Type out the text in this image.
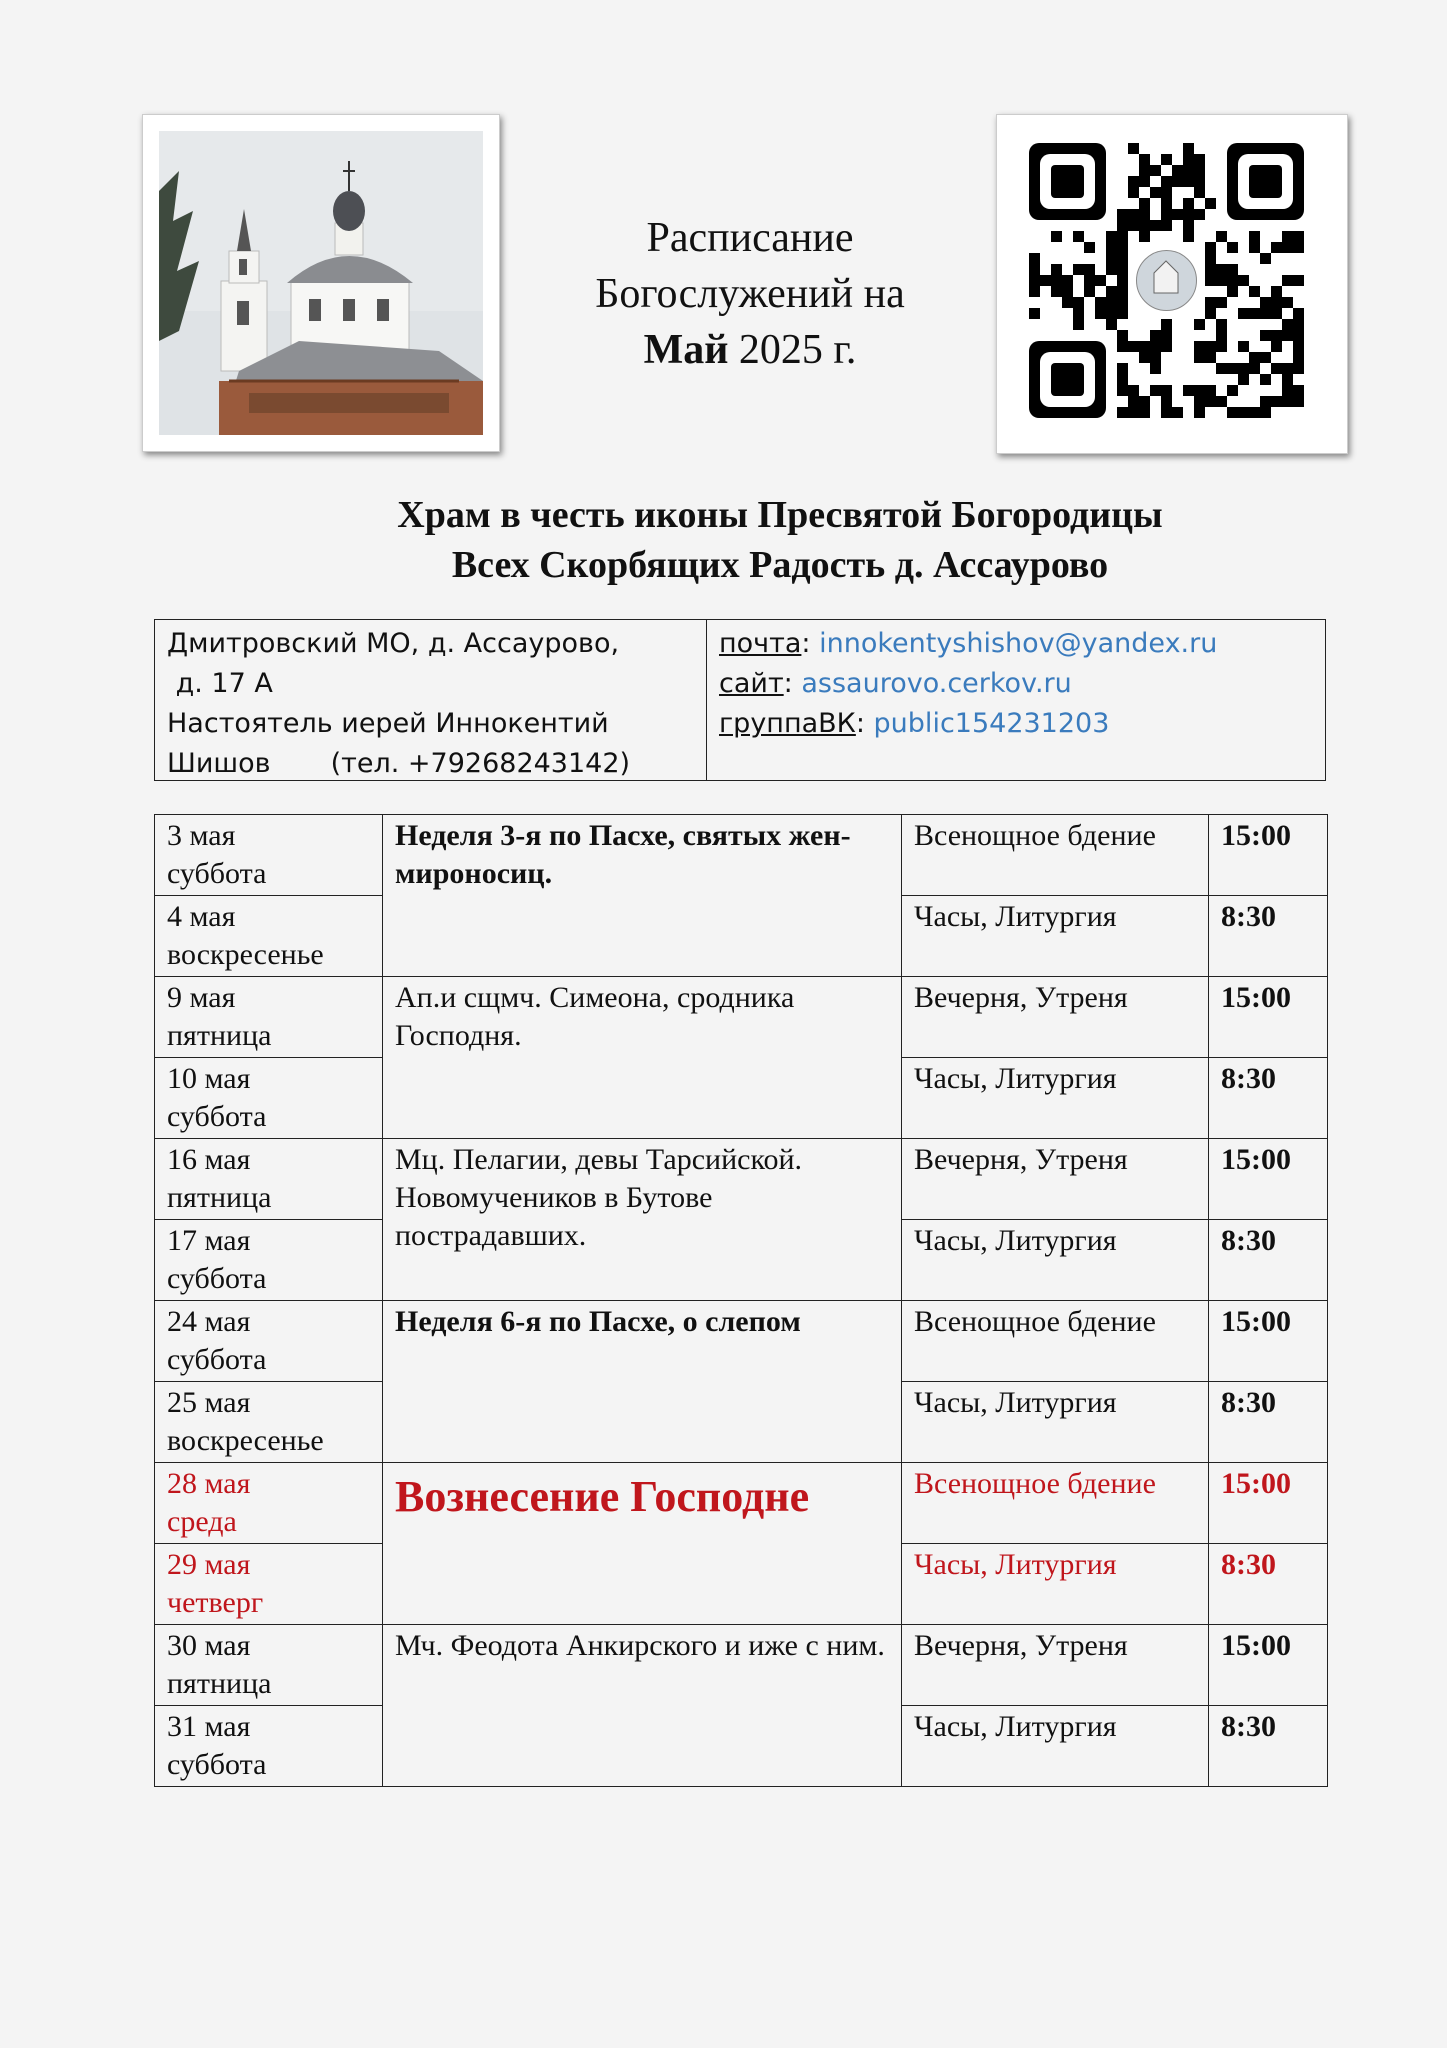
Расписание
Богослужений на
Май 2025 г.
Храм в честь иконы Пресвятой Богородицы
Всех Скорбящих Радость д. Ассаурово
Дмитровский МО, д. Ассаурово,
д. 17 А
Настоятель иерей Иннокентий
Шишов       (тел. +79268243142)
почта: innokentyshishov@yandex.ru
сайт: assaurovo.cerkov.ru
группаВК: public154231203
3 мая
суббота	Неделя 3-я по Пасхе, святых жен-мироносиц.	Всенощное бдение	15:00

4 мая
воскресенье		Часы, Литургия	8:30

9 мая
пятница	Ап.и сщмч. Симеона, сродника Господня.	Вечерня, Утреня	15:00

10 мая
суббота		Часы, Литургия	8:30

16 мая
пятница	Мц. Пелагии, девы Тарсийской. Новомучеников в Бутове пострадавших.	Вечерня, Утреня	15:00

17 мая
суббота		Часы, Литургия	8:30

24 мая
суббота	Неделя 6-я по Пасхе, о слепом	Всенощное бдение	15:00

25 мая
воскресенье		Часы, Литургия	8:30

28 мая
среда	Вознесение Господне	Всенощное бдение	15:00

29 мая
четверг		Часы, Литургия	8:30

30 мая
пятница	Мч. Феодота Анкирского и иже с ним.	Вечерня, Утреня	15:00

31 мая
суббота		Часы, Литургия	8:30
